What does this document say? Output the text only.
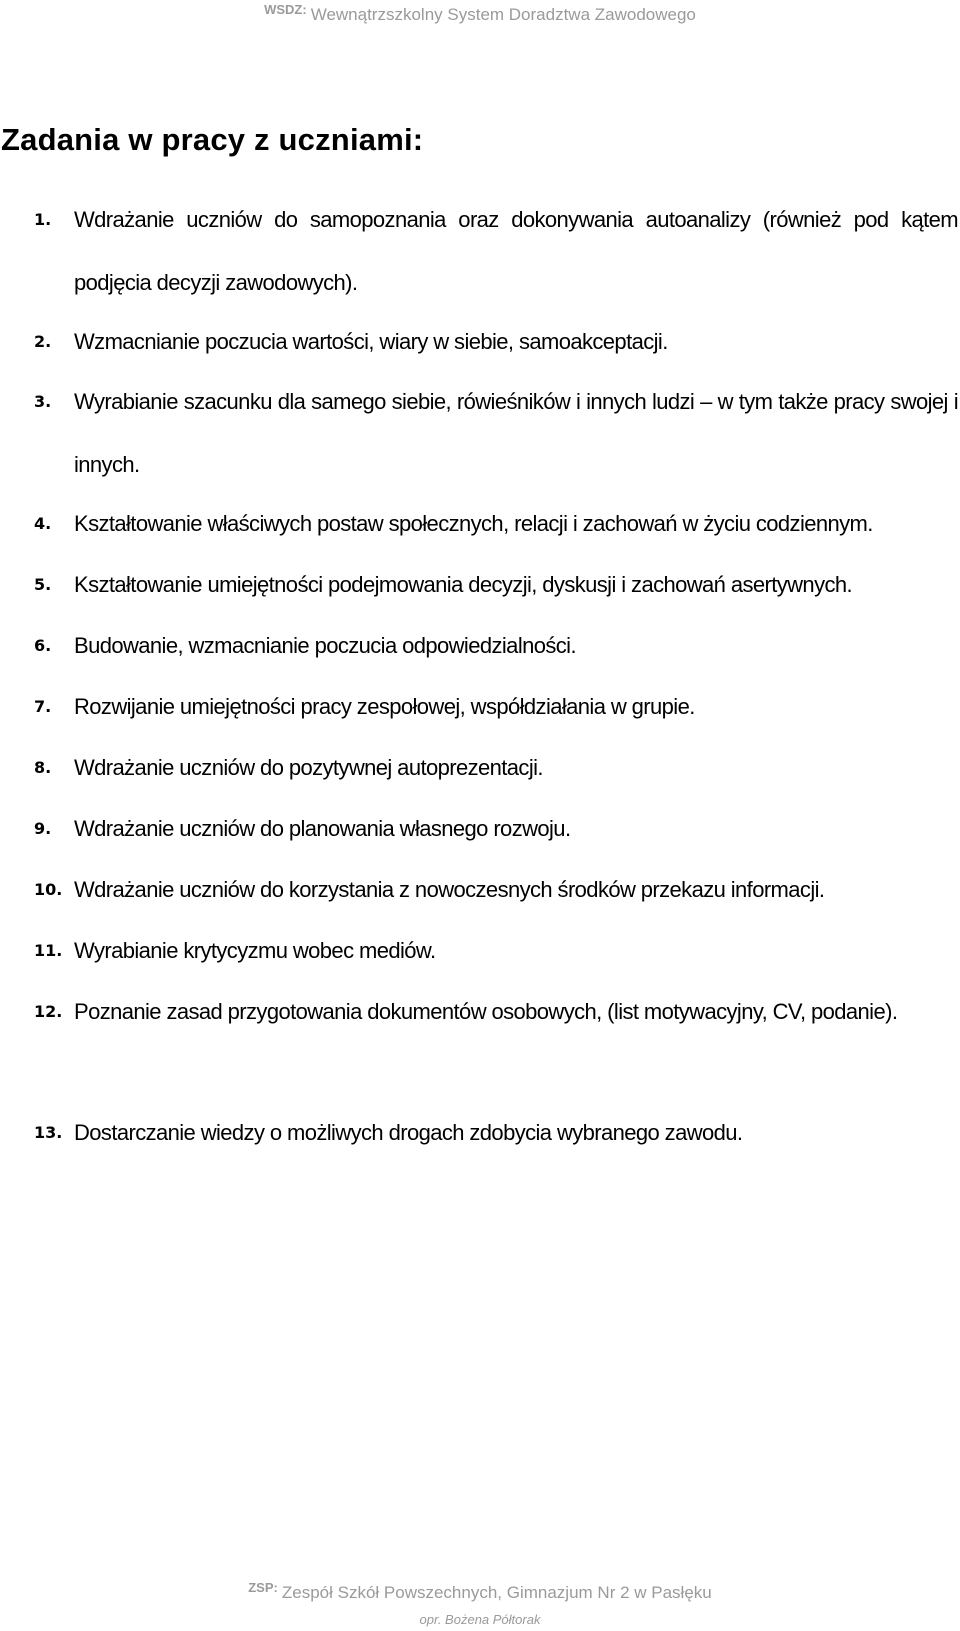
$^{WSDZ:}$ Wewnątrzszkolny System Doradztwa Zawodowego
Zadania w pracy z uczniami:
1. Wdrażanie uczniów do samopoznania oraz dokonywania autoanalizy (również pod kątem podjęcia decyzji zawodowych).
2. Wzmacnianie poczucia wartości, wiary w siebie, samoakceptacji.
3. Wyrabianie szacunku dla samego siebie, rówieśników i innych ludzi – w tym także pracy swojej i innych.
4. Kształtowanie właściwych postaw społecznych, relacji i zachowań w życiu codziennym.
5. Kształtowanie umiejętności podejmowania decyzji, dyskusji i zachowań asertywnych.
6. Budowanie, wzmacnianie poczucia odpowiedzialności.
7. Rozwijanie umiejętności pracy zespołowej, współdziałania w grupie.
8. Wdrażanie uczniów do pozytywnej autoprezentacji.
9. Wdrażanie uczniów do planowania własnego rozwoju.
10. Wdrażanie uczniów do korzystania z nowoczesnych środków przekazu informacji.
11. Wyrabianie krytycyzmu wobec mediów.
12. Poznanie zasad przygotowania dokumentów osobowych, (list motywacyjny, CV, podanie).
13. Dostarczanie wiedzy o możliwych drogach zdobycia wybranego zawodu.
$^{ZSP:}$ Zespół Szkół Powszechnych, Gimnazjum Nr 2 w Pasłęku
opr. Bożena Półtorak
